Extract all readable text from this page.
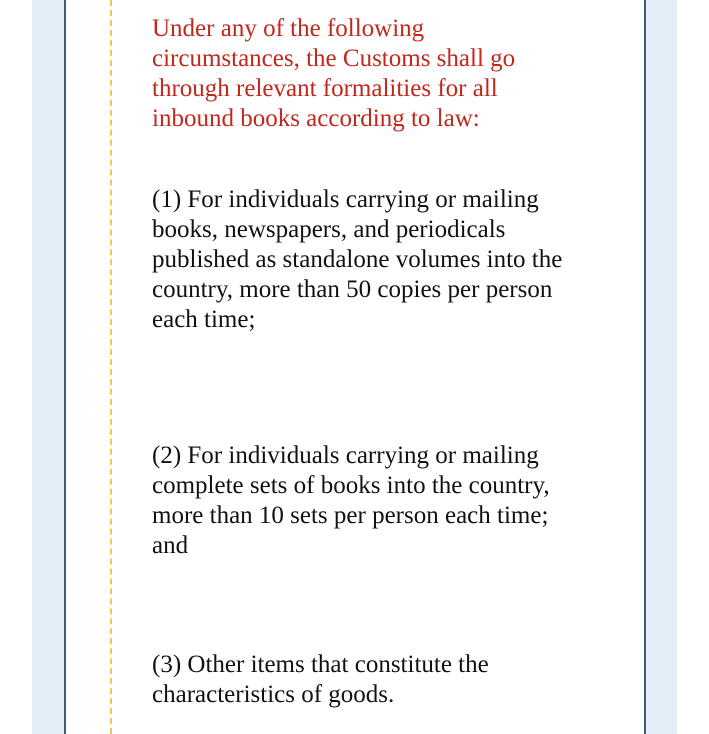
Under any of the following circumstances, the Customs shall go through relevant formalities for all inbound books according to law:
(1) For individuals carrying or mailing books, newspapers, and periodicals published as standalone volumes into the country, more than 50 copies per person each time;
(2) For individuals carrying or mailing complete sets of books into the country, more than 10 sets per person each time; and
(3) Other items that constitute the characteristics of goods.
